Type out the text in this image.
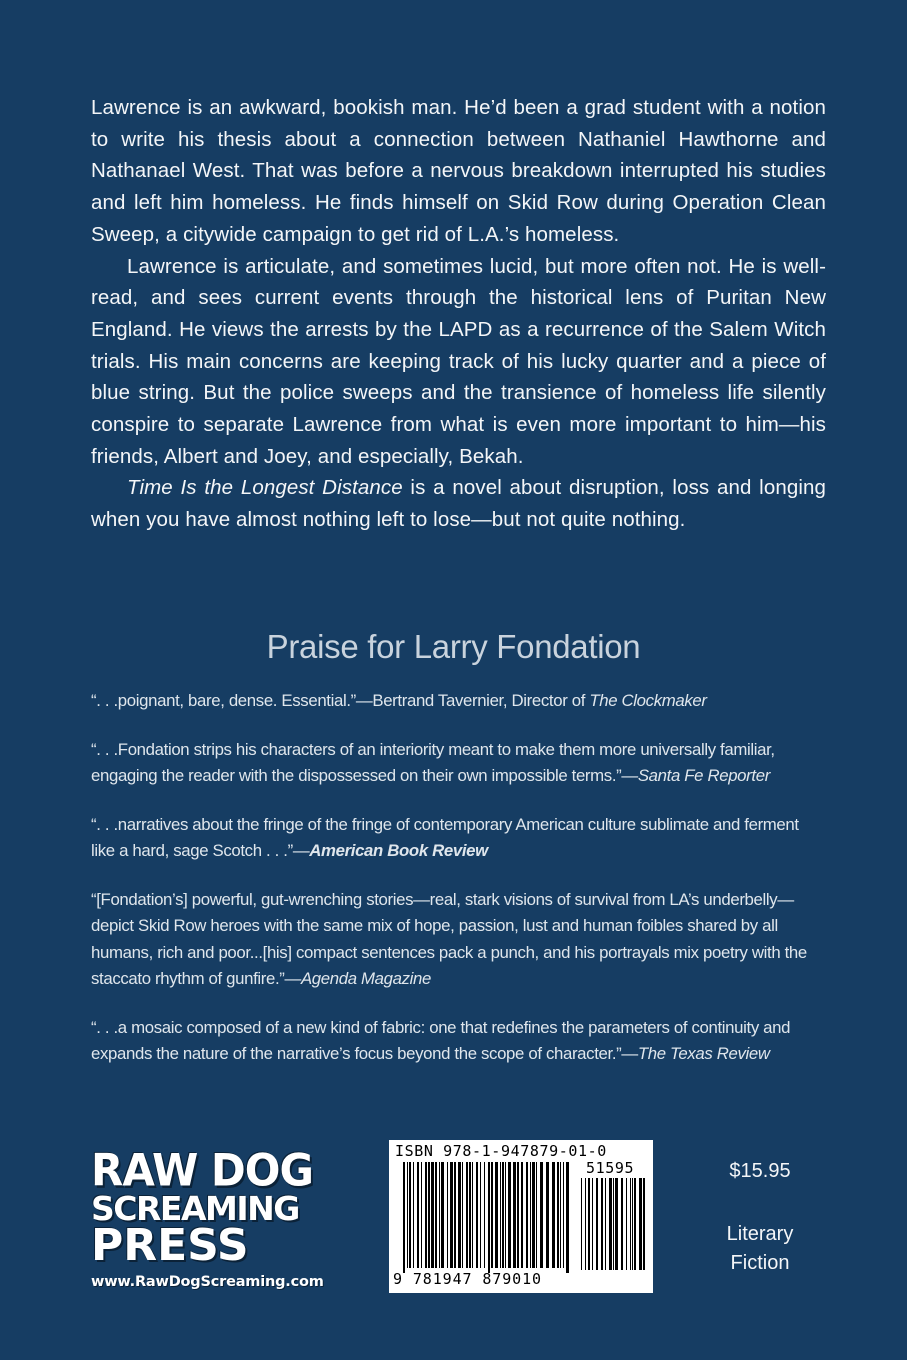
Lawrence is an awkward, bookish man. He’d been a grad student with a notion to write his thesis about a connection between Nathaniel Hawthorne and Nathanael West. That was before a nervous breakdown interrupted his studies and left him homeless. He finds himself on Skid Row during Operation Clean Sweep, a citywide campaign to get rid of L.A.’s homeless.

Lawrence is articulate, and sometimes lucid, but more often not. He is well-read, and sees current events through the historical lens of Puritan New England. He views the arrests by the LAPD as a recurrence of the Salem Witch trials. His main concerns are keeping track of his lucky quarter and a piece of blue string. But the police sweeps and the transience of homeless life silently conspire to separate Lawrence from what is even more important to him—his friends, Albert and Joey, and especially, Bekah.

Time Is the Longest Distance is a novel about disruption, loss and longing when you have almost nothing left to lose—but not quite nothing.

Praise for Larry Fondation

“. . .poignant, bare, dense. Essential.”—Bertrand Tavernier, Director of The Clockmaker

“. . .Fondation strips his characters of an interiority meant to make them more universally familiar, engaging the reader with the dispossessed on their own impossible terms.”—Santa Fe Reporter

“. . .narratives about the fringe of the fringe of contemporary American culture sublimate and ferment like a hard, sage Scotch . . .”—American Book Review

“[Fondation’s] powerful, gut-wrenching stories—real, stark visions of survival from LA’s underbelly—depict Skid Row heroes with the same mix of hope, passion, lust and human foibles shared by all humans, rich and poor...[his] compact sentences pack a punch, and his portrayals mix poetry with the staccato rhythm of gunfire.”—Agenda Magazine

“. . .a mosaic composed of a new kind of fabric: one that redefines the parameters of continuity and expands the nature of the narrative’s focus beyond the scope of character.”—The Texas Review

RAW DOG
SCREAMING
PRESS
www.RawDogScreaming.com
ISBN 978-1-947879-01-0
51595
9 781947 879010
$15.95
Literary Fiction
